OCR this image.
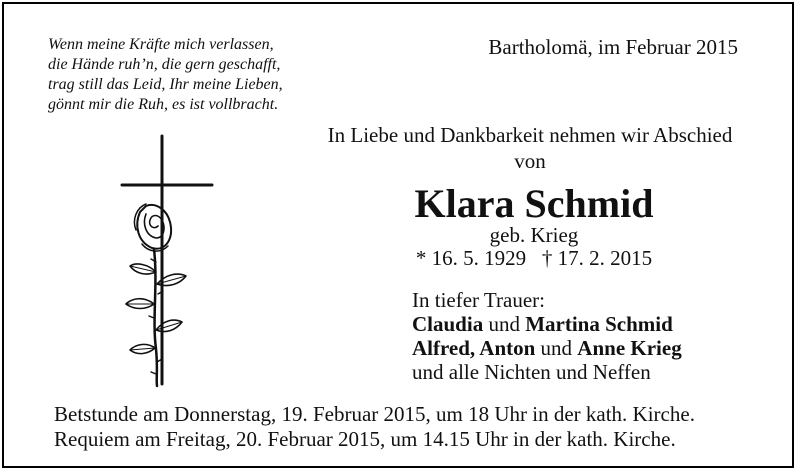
Wenn meine Kräfte mich verlassen,
die Hände ruh’n, die gern geschafft,
trag still das Leid, Ihr meine Lieben,
gönnt mir die Ruh, es ist vollbracht.
Bartholomä, im Februar 2015
In Liebe und Dankbarkeit nehmen wir Abschied
von
Klara Schmid
geb. Krieg
* 16. 5. 1929   † 17. 2. 2015
In tiefer Trauer:
Claudia und Martina Schmid
Alfred, Anton und Anne Krieg
und alle Nichten und Neffen
Betstunde am Donnerstag, 19. Februar 2015, um 18 Uhr in der kath. Kirche.
Requiem am Freitag, 20. Februar 2015, um 14.15 Uhr in der kath. Kirche.
